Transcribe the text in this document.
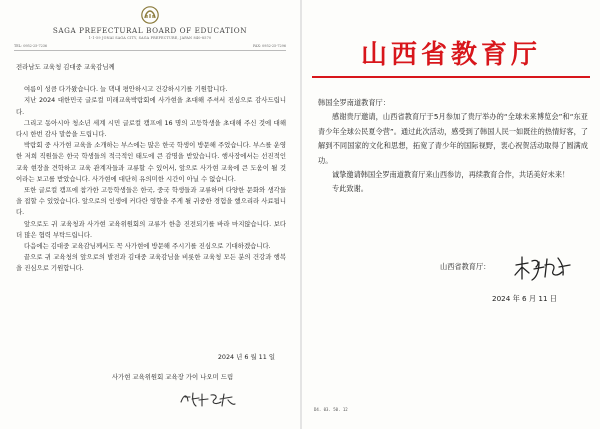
SAGA PREFECTURAL BOARD OF EDUCATION
1-1-59 JONAI SAGA CITY, SAGA PREFECTURE, JAPAN 840-8570
TEL: 0952-25-7236	FAX: 0952-25-7296
전라남도 교육청 김대중 교육감님께

여름이 성큼 다가왔습니다. 늘 댁내 평안하시고 건강하시기를 기원합니다.

지난 2024 대한민국 글로컬 미래교육박람회에 사가현을 초대해 주셔서 진심으로 감사드립니다.

그리고 동아시아 청소년 세계 시민 글로컬 캠프에 16 명의 고등학생을 초대해 주신 것에 대해 다시 한번 감사 말씀을 드립니다.

박람회 중 사가현 교육을 소개하는 부스에는 많은 한국 학생이 방문해 주었습니다. 부스를 운영한 저희 직원들은 한국 학생들의 적극적인 태도에 큰 감명을 받았습니다. 행사장에서는 선진적인 교육 현장을 견학하고 교육 관계자들과 교류할 수 있어서, 앞으로 사가현 교육에 큰 도움이 될 것이라는 보고를 받았습니다. 사가현에 대단히 유의미한 시간이 아닐 수 없습니다.

또한 글로컬 캠프에 참가한 고등학생들은 한국, 중국 학생들과 교류하며 다양한 문화와 생각들을 접할 수 있었습니다. 앞으로의 인생에 커다란 영향을 주게 될 귀중한 경험을 했으리라 사료됩니다.

앞으로도 귀 교육청과 사가현 교육위원회의 교류가 한층 진전되기를 바라 마지않습니다. 보다 더 많은 협력 부탁드립니다.

다음에는 김대중 교육감님께서도 꼭 사가현에 방문해 주시기를 진심으로 기대하겠습니다.

끝으로 귀 교육청의 앞으로의 발전과 김대중 교육감님을 비롯한 교육청 모든 분의 건강과 행복을 진심으로 기원합니다.

2024 년 6 월 11 일
사가현 교육위원회 교육장 가이 나오미 드림
山西省教育厅
韩国全罗南道教育厅：

感谢贵厅邀请，山西省教育厅于5月参加了贵厅举办的“全球未来博览会”和“东亚青少年全球公民夏令营”。通过此次活动，感受到了韩国人民一如既往的热情好客，了解到不同国家的文化和思想，拓宽了青少年的国际视野，衷心祝贺活动取得了圆满成功。

诚挚邀请韩国全罗南道教育厅来山西参访，再续教育合作，共话美好未来！

专此致谢。

山西省教育厅：
2024 年 6 月 11 日
D4. 03. 50. 12
